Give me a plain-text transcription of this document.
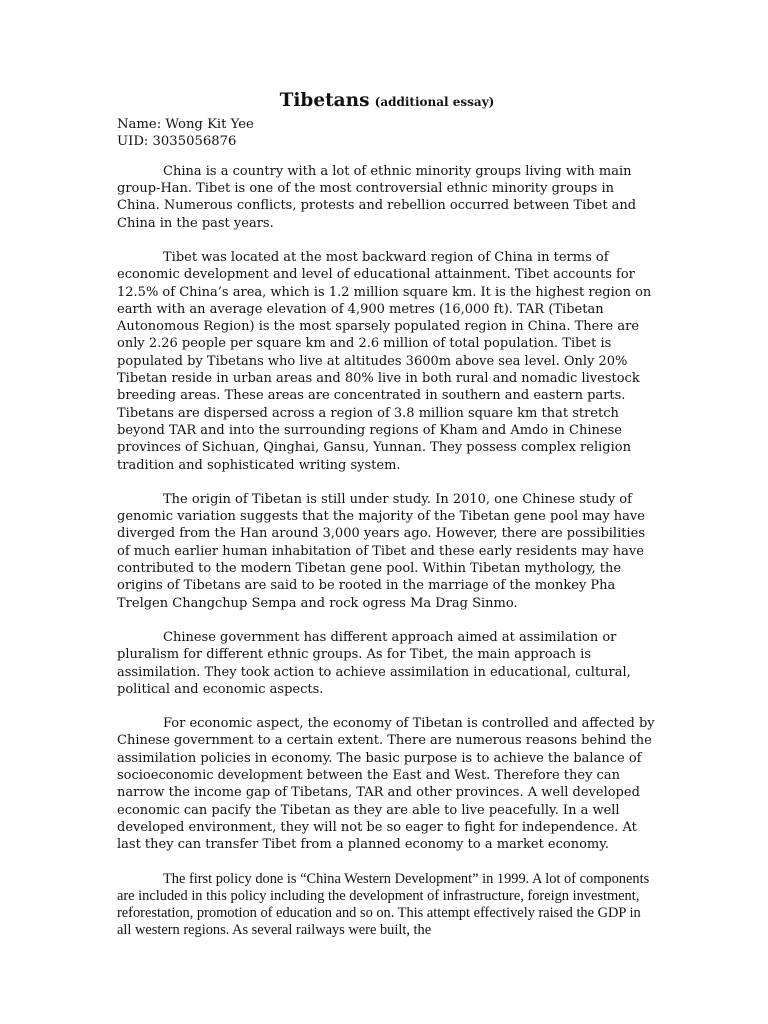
Tibetans (additional essay)

Name: Wong Kit Yee

UID: 3035056876

China is a country with a lot of ethnic minority groups living with main group-Han. Tibet is one of the most controversial ethnic minority groups in China. Numerous conflicts, protests and rebellion occurred between Tibet and China in the past years.

Tibet was located at the most backward region of China in terms of economic development and level of educational attainment. Tibet accounts for 12.5% of China’s area, which is 1.2 million square km. It is the highest region on earth with an average elevation of 4,900 metres (16,000 ft). TAR (Tibetan Autonomous Region) is the most sparsely populated region in China. There are only 2.26 people per square km and 2.6 million of total population. Tibet is populated by Tibetans who live at altitudes 3600m above sea level. Only 20% Tibetan reside in urban areas and 80% live in both rural and nomadic livestock breeding areas. These areas are concentrated in southern and eastern parts. Tibetans are dispersed across a region of 3.8 million square km that stretch beyond TAR and into the surrounding regions of Kham and Amdo in Chinese provinces of Sichuan, Qinghai, Gansu, Yunnan. They possess complex religion tradition and sophisticated writing system.

The origin of Tibetan is still under study. In 2010, one Chinese study of genomic variation suggests that the majority of the Tibetan gene pool may have diverged from the Han around 3,000 years ago. However, there are possibilities of much earlier human inhabitation of Tibet and these early residents may have contributed to the modern Tibetan gene pool. Within Tibetan mythology, the origins of Tibetans are said to be rooted in the marriage of the monkey Pha Trelgen Changchup Sempa and rock ogress Ma Drag Sinmo.

Chinese government has different approach aimed at assimilation or pluralism for different ethnic groups. As for Tibet, the main approach is assimilation. They took action to achieve assimilation in educational, cultural, political and economic aspects.

For economic aspect, the economy of Tibetan is controlled and affected by Chinese government to a certain extent. There are numerous reasons behind the assimilation policies in economy. The basic purpose is to achieve the balance of socioeconomic development between the East and West. Therefore they can narrow the income gap of Tibetans, TAR and other provinces. A well developed economic can pacify the Tibetan as they are able to live peacefully. In a well developed environment, they will not be so eager to fight for independence. At last they can transfer Tibet from a planned economy to a market economy.

The first policy done is “China Western Development” in 1999. A lot of components are included in this policy including the development of infrastructure, foreign investment, reforestation, promotion of education and so on. This attempt effectively raised the GDP in all western regions. As several railways were built, the
